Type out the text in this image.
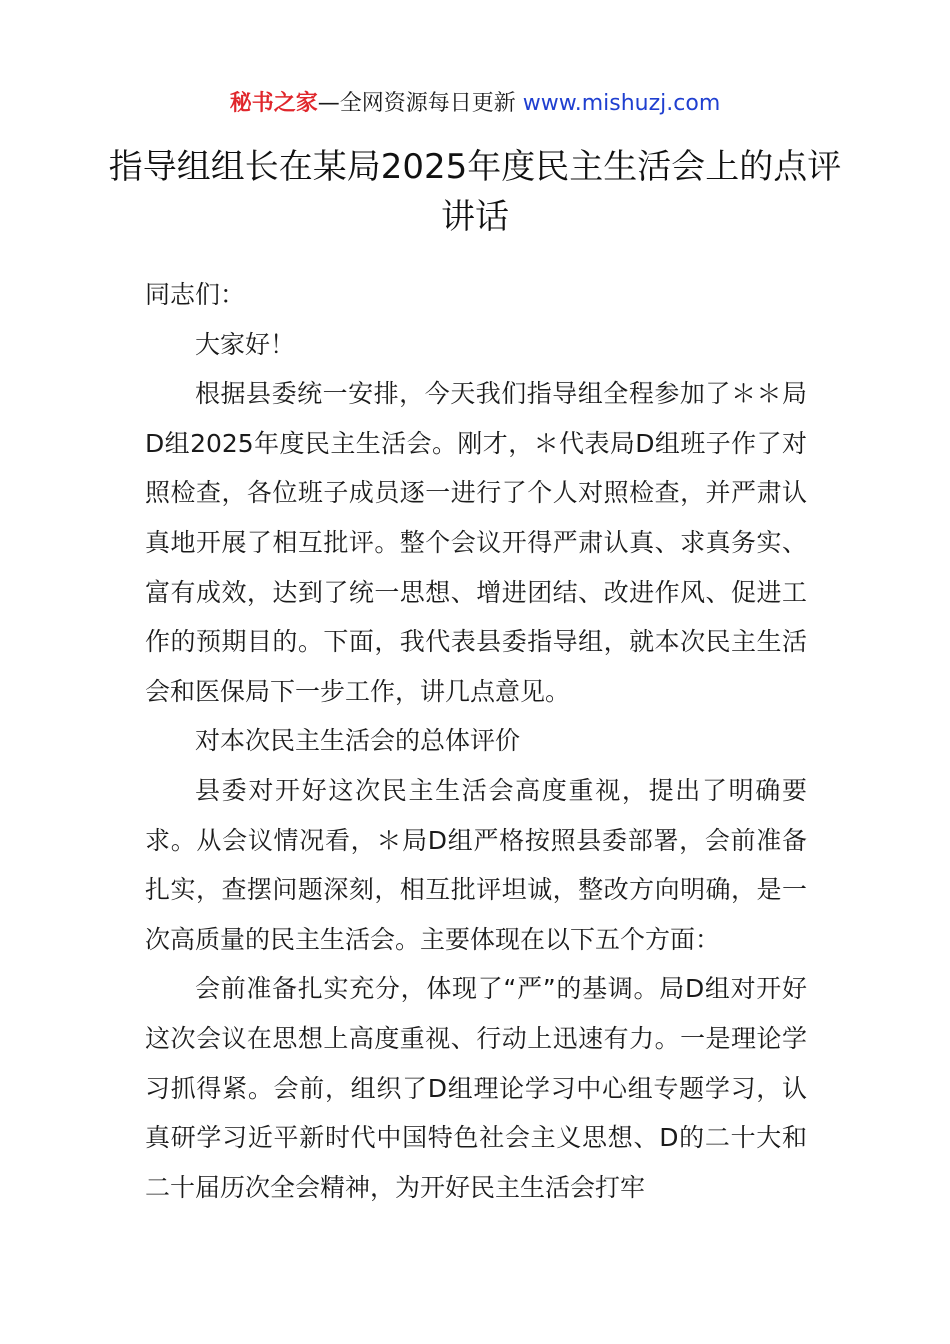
秘书之家—全网资源每日更新 www.mishuzj.com
指导组组长在某局2025年度民主生活会上的点评讲话

同志们：

大家好！

根据县委统一安排，今天我们指导组全程参加了＊＊局D组2025年度民主生活会。刚才，＊代表局D组班子作了对照检查，各位班子成员逐一进行了个人对照检查，并严肃认真地开展了相互批评。整个会议开得严肃认真、求真务实、富有成效，达到了统一思想、增进团结、改进作风、促进工作的预期目的。下面，我代表县委指导组，就本次民主生活会和医保局下一步工作，讲几点意见。

对本次民主生活会的总体评价

县委对开好这次民主生活会高度重视，提出了明确要求。从会议情况看，＊局D组严格按照县委部署，会前准备扎实，查摆问题深刻，相互批评坦诚，整改方向明确，是一次高质量的民主生活会。主要体现在以下五个方面：

会前准备扎实充分，体现了“严”的基调。局D组对开好这次会议在思想上高度重视、行动上迅速有力。一是理论学习抓得紧。会前，组织了D组理论学习中心组专题学习，认真研学习近平新时代中国特色社会主义思想、D的二十大和二十届历次全会精神，为开好民主生活会打牢
